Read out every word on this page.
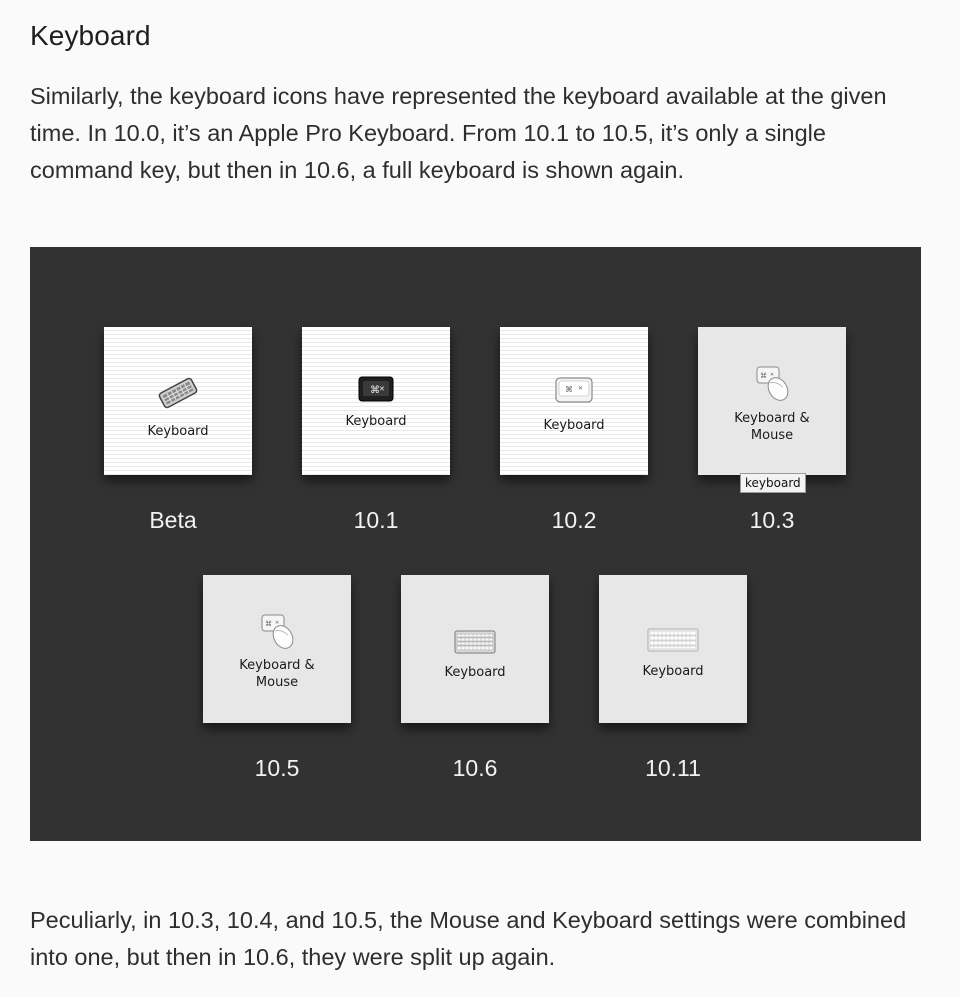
Keyboard

Similarly, the keyboard icons have represented the keyboard available at the given time. In 10.0, it’s an Apple Pro Keyboard. From 10.1 to 10.5, it’s only a single command key, but then in 10.6, a full keyboard is shown again.

Keyboard
Beta
⌘ ✕
Keyboard
10.1
⌘ ✕
Keyboard
10.2
⌘ ✕
Keyboard &
Mouse
keyboard
10.3
⌘ ✕
Keyboard &
Mouse
10.5
Keyboard
10.6
Keyboard
10.11

Peculiarly, in 10.3, 10.4, and 10.5, the Mouse and Keyboard settings were combined into one, but then in 10.6, they were split up again.
